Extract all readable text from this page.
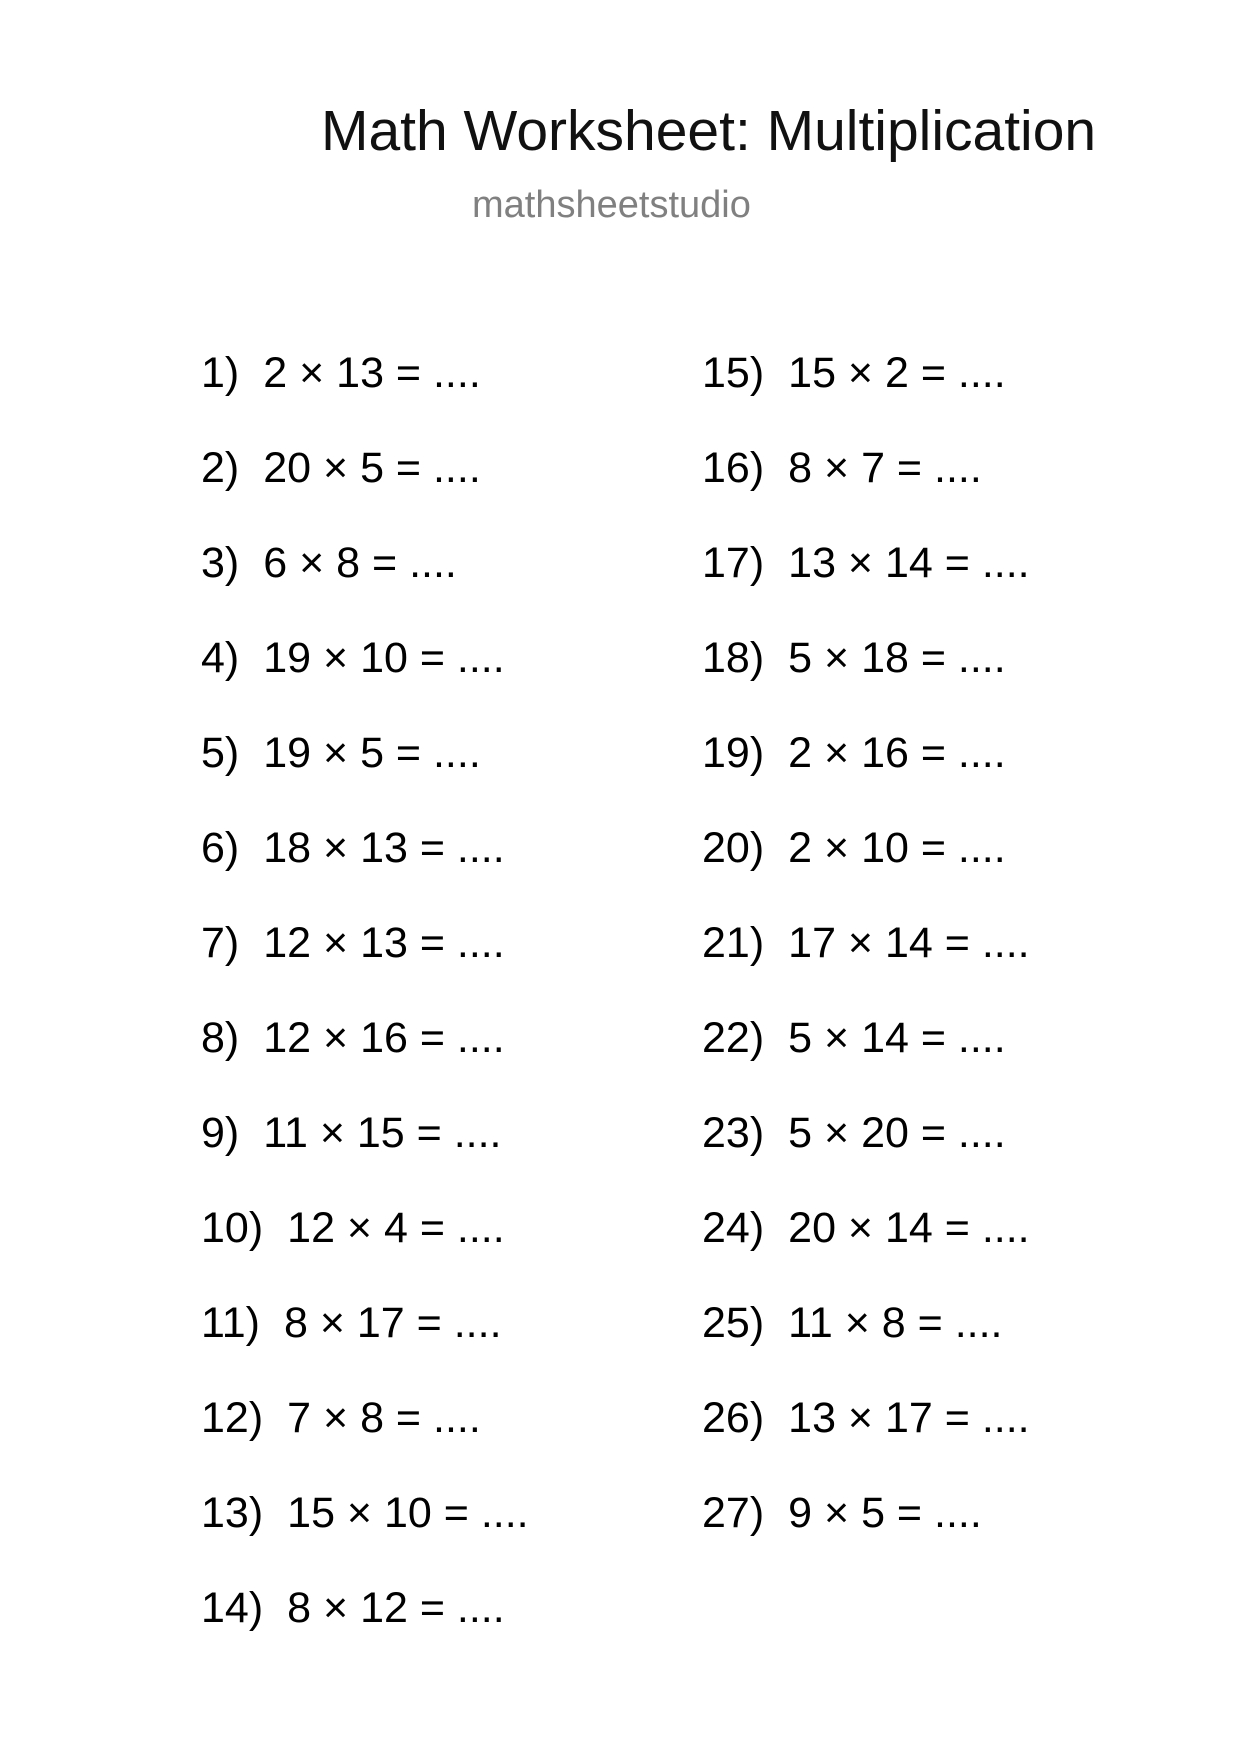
Math Worksheet: Multiplication
mathsheetstudio
1) 2 × 13 = ....
2) 20 × 5 = ....
3) 6 × 8 = ....
4) 19 × 10 = ....
5) 19 × 5 = ....
6) 18 × 13 = ....
7) 12 × 13 = ....
8) 12 × 16 = ....
9) 11 × 15 = ....
10) 12 × 4 = ....
11) 8 × 17 = ....
12) 7 × 8 = ....
13) 15 × 10 = ....
14) 8 × 12 = ....
15) 15 × 2 = ....
16) 8 × 7 = ....
17) 13 × 14 = ....
18) 5 × 18 = ....
19) 2 × 16 = ....
20) 2 × 10 = ....
21) 17 × 14 = ....
22) 5 × 14 = ....
23) 5 × 20 = ....
24) 20 × 14 = ....
25) 11 × 8 = ....
26) 13 × 17 = ....
27) 9 × 5 = ....
